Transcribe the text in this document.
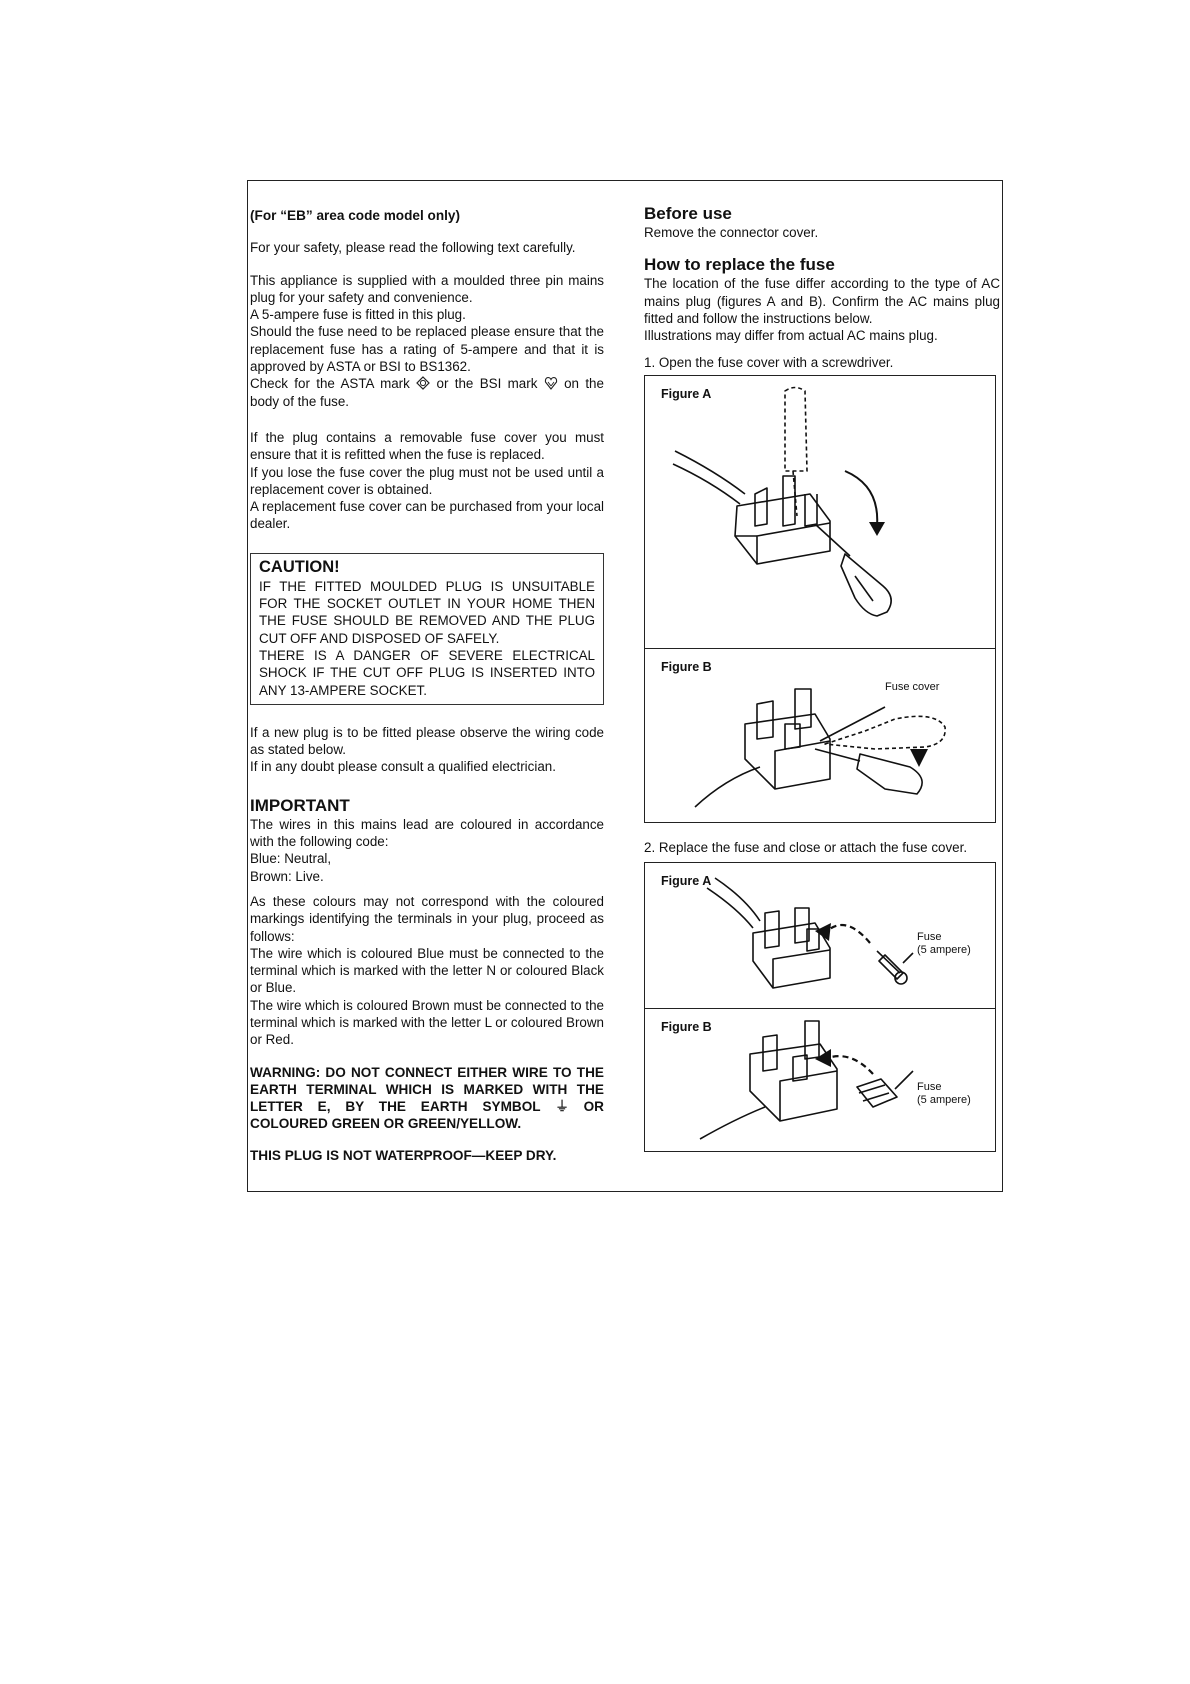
(For “EB” area code model only)

For your safety, please read the following text carefully.

This appliance is supplied with a moulded three pin mains plug for your safety and convenience.

A 5-ampere fuse is fitted in this plug.

Should the fuse need to be replaced please ensure that the replacement fuse has a rating of 5-ampere and that it is approved by ASTA or BSI to BS1362.

Check for the ASTA mark or the BSI mark on the body of the fuse.

If the plug contains a removable fuse cover you must ensure that it is refitted when the fuse is replaced.

If you lose the fuse cover the plug must not be used until a replacement cover is obtained.

A replacement fuse cover can be purchased from your local dealer.

CAUTION!

IF THE FITTED MOULDED PLUG IS UNSUITABLE FOR THE SOCKET OUTLET IN YOUR HOME THEN THE FUSE SHOULD BE REMOVED AND THE PLUG CUT OFF AND DISPOSED OF SAFELY.

THERE IS A DANGER OF SEVERE ELECTRICAL SHOCK IF THE CUT OFF PLUG IS INSERTED INTO ANY 13-AMPERE SOCKET.

If a new plug is to be fitted please observe the wiring code as stated below.

If in any doubt please consult a qualified electrician.

IMPORTANT

The wires in this mains lead are coloured in accordance with the following code:

Blue: Neutral,

Brown: Live.

As these colours may not correspond with the coloured markings identifying the terminals in your plug, proceed as follows:

The wire which is coloured Blue must be connected to the terminal which is marked with the letter N or coloured Black or Blue.

The wire which is coloured Brown must be connected to the terminal which is marked with the letter L or coloured Brown or Red.

WARNING: DO NOT CONNECT EITHER WIRE TO THE EARTH TERMINAL WHICH IS MARKED WITH THE LETTER E, BY THE EARTH SYMBOL ⏚ OR COLOURED GREEN OR GREEN/YELLOW.

THIS PLUG IS NOT WATERPROOF—KEEP DRY.

Before use

Remove the connector cover.

How to replace the fuse

The location of the fuse differ according to the type of AC mains plug (figures A and B). Confirm the AC mains plug fitted and follow the instructions below.

Illustrations may differ from actual AC mains plug.

1. Open the fuse cover with a screwdriver.

Figure A
Figure B
Fuse cover

2. Replace the fuse and close or attach the fuse cover.

Figure A
Fuse
(5 ampere)
Figure B
Fuse
(5 ampere)
